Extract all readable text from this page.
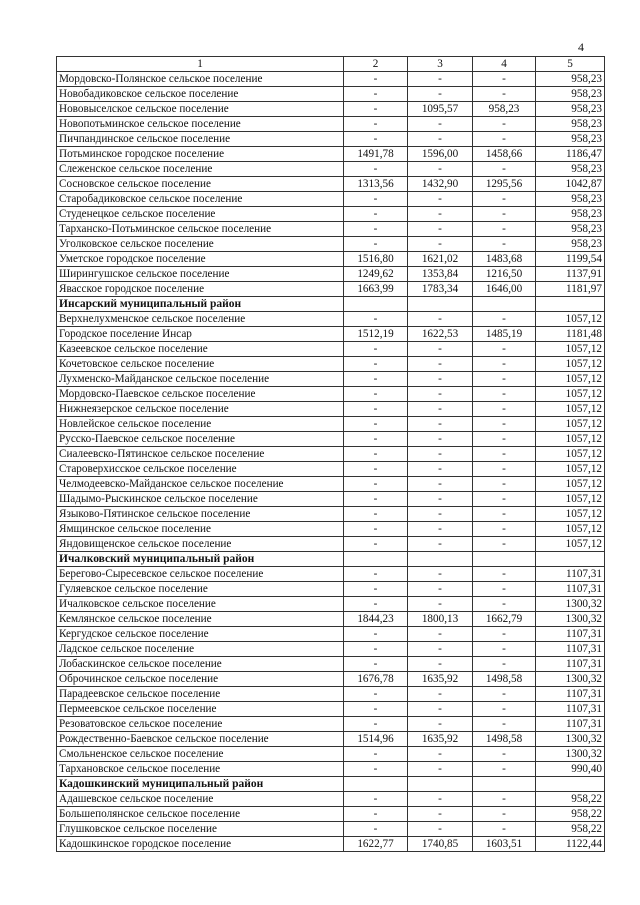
4
1	2	3	4	5
Мордовско-Полянское сельское поселение	-	-	-	958,23
Новобадиковское сельское поселение	-	-	-	958,23
Нововыселское сельское поселение	-	1095,57	958,23	958,23
Новопотьминское сельское поселение	-	-	-	958,23
Пичпандинское сельское поселение	-	-	-	958,23
Потьминское городское поселение	1491,78	1596,00	1458,66	1186,47
Слеженское сельское поселение	-	-	-	958,23
Сосновское сельское поселение	1313,56	1432,90	1295,56	1042,87
Старобадиковское сельское поселение	-	-	-	958,23
Студенецкое сельское поселение	-	-	-	958,23
Тарханско-Потьминское сельское поселение	-	-	-	958,23
Уголковское сельское поселение	-	-	-	958,23
Уметское городское поселение	1516,80	1621,02	1483,68	1199,54
Ширингушское сельское поселение	1249,62	1353,84	1216,50	1137,91
Явасское городское поселение	1663,99	1783,34	1646,00	1181,97
Инсарский муниципальный район				
Верхнелухменское сельское поселение	-	-	-	1057,12
Городское поселение Инсар	1512,19	1622,53	1485,19	1181,48
Казеевское сельское поселение	-	-	-	1057,12
Кочетовское сельское поселение	-	-	-	1057,12
Лухменско-Майданское сельское поселение	-	-	-	1057,12
Мордовско-Паевское сельское поселение	-	-	-	1057,12
Нижнеязерское сельское поселение	-	-	-	1057,12
Новлейское сельское поселение	-	-	-	1057,12
Русско-Паевское сельское поселение	-	-	-	1057,12
Сиалеевско-Пятинское сельское поселение	-	-	-	1057,12
Староверхисское сельское поселение	-	-	-	1057,12
Челмодеевско-Майданское сельское поселение	-	-	-	1057,12
Шадымо-Рыскинское сельское поселение	-	-	-	1057,12
Языково-Пятинское сельское поселение	-	-	-	1057,12
Ямщинское сельское поселение	-	-	-	1057,12
Яндовищенское сельское поселение	-	-	-	1057,12
Ичалковский муниципальный район				
Берегово-Сыресевское сельское поселение	-	-	-	1107,31
Гуляевское сельское поселение	-	-	-	1107,31
Ичалковское сельское поселение	-	-	-	1300,32
Кемлянское сельское поселение	1844,23	1800,13	1662,79	1300,32
Кергудское сельское поселение	-	-	-	1107,31
Ладское сельское поселение	-	-	-	1107,31
Лобаскинское сельское поселение	-	-	-	1107,31
Оброчинское сельское поселение	1676,78	1635,92	1498,58	1300,32
Парадеевское сельское поселение	-	-	-	1107,31
Пермеевское сельское поселение	-	-	-	1107,31
Резоватовское сельское поселение	-	-	-	1107,31
Рождественно-Баевское сельское поселение	1514,96	1635,92	1498,58	1300,32
Смольненское сельское поселение	-	-	-	1300,32
Тархановское сельское поселение	-	-	-	990,40
Кадошкинский муниципальный район				
Адашевское сельское поселение	-	-	-	958,22
Большеполянское сельское поселение	-	-	-	958,22
Глушковское сельское поселение	-	-	-	958,22
Кадошкинское городское поселение	1622,77	1740,85	1603,51	1122,44
